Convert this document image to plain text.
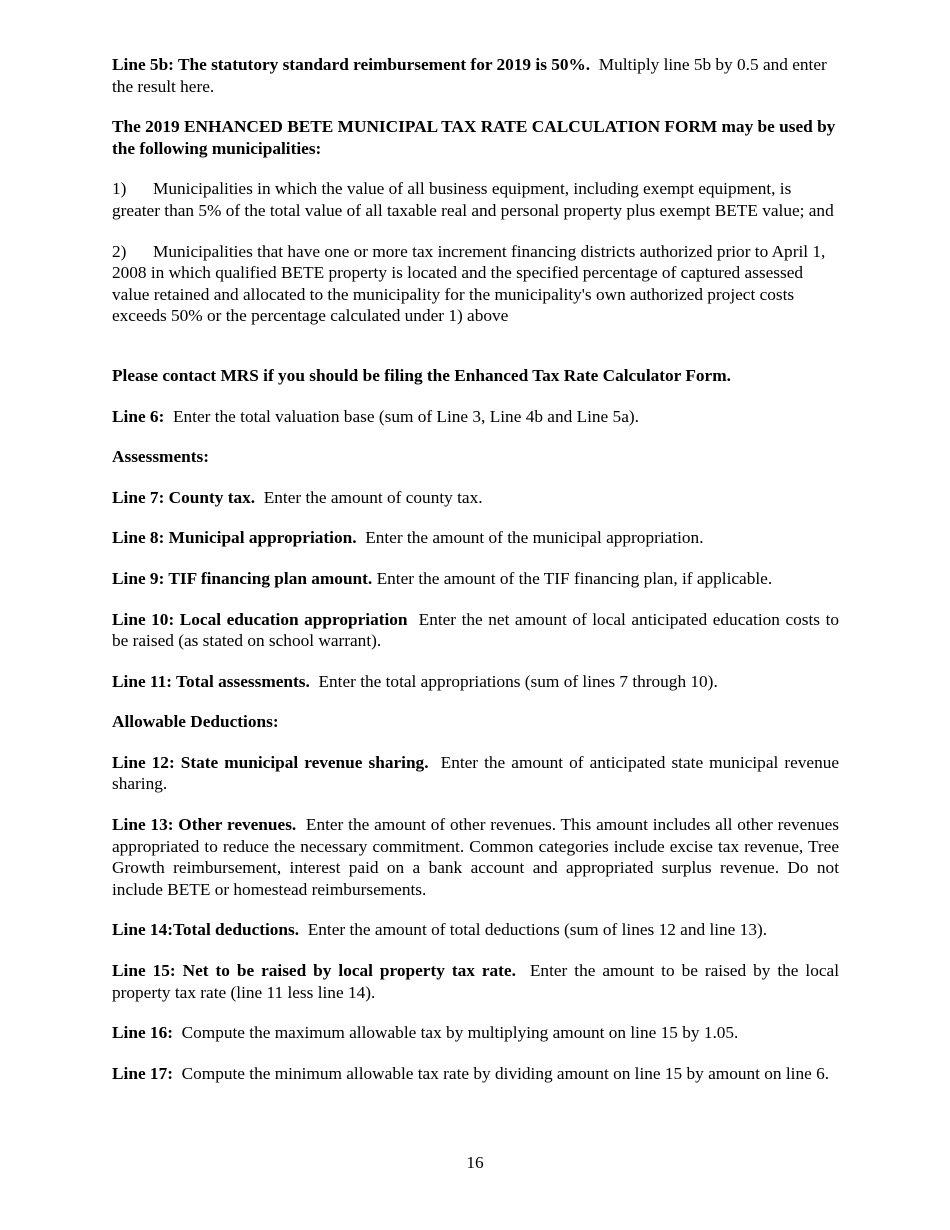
Line 5b: The statutory standard reimbursement for 2019 is 50%. Multiply line 5b by 0.5 and enter the result here.

The 2019 ENHANCED BETE MUNICIPAL TAX RATE CALCULATION FORM may be used by the following municipalities:

1) Municipalities in which the value of all business equipment, including exempt equipment, is greater than 5% of the total value of all taxable real and personal property plus exempt BETE value; and

2) Municipalities that have one or more tax increment financing districts authorized prior to April 1, 2008 in which qualified BETE property is located and the specified percentage of captured assessed value retained and allocated to the municipality for the municipality's own authorized project costs exceeds 50% or the percentage calculated under 1) above

Please contact MRS if you should be filing the Enhanced Tax Rate Calculator Form.

Line 6: Enter the total valuation base (sum of Line 3, Line 4b and Line 5a).

Assessments:

Line 7: County tax. Enter the amount of county tax.

Line 8: Municipal appropriation. Enter the amount of the municipal appropriation.

Line 9: TIF financing plan amount. Enter the amount of the TIF financing plan, if applicable.

Line 10: Local education appropriation Enter the net amount of local anticipated education costs to be raised (as stated on school warrant).

Line 11: Total assessments. Enter the total appropriations (sum of lines 7 through 10).

Allowable Deductions:

Line 12: State municipal revenue sharing. Enter the amount of anticipated state municipal revenue sharing.

Line 13: Other revenues. Enter the amount of other revenues. This amount includes all other revenues appropriated to reduce the necessary commitment. Common categories include excise tax revenue, Tree Growth reimbursement, interest paid on a bank account and appropriated surplus revenue. Do not include BETE or homestead reimbursements.

Line 14:Total deductions. Enter the amount of total deductions (sum of lines 12 and line 13).

Line 15: Net to be raised by local property tax rate. Enter the amount to be raised by the local property tax rate (line 11 less line 14).

Line 16: Compute the maximum allowable tax by multiplying amount on line 15 by 1.05.

Line 17: Compute the minimum allowable tax rate by dividing amount on line 15 by amount on line 6.

16
